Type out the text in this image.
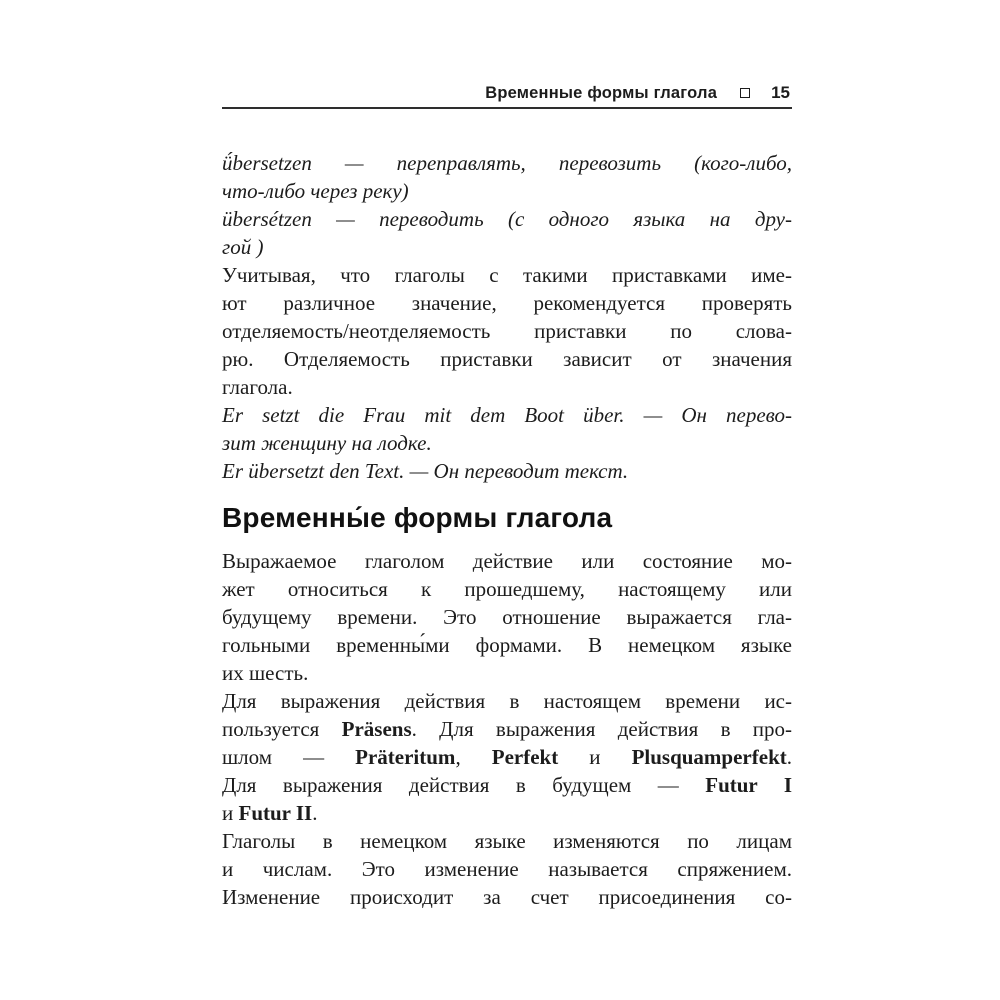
Временные формы глагола	15
ǘbersetzen — переправлять, перевозить (кого-либо,
что-либо через реку)
übersétzen — переводить (с одного языка на дру-
гой )
Учитывая, что глаголы с такими приставками име-
ют различное значение, рекомендуется проверять
отделяемость/неотделяемость приставки по слова-
рю. Отделяемость приставки зависит от значения
глагола.
Er setzt die Frau mit dem Boot über. — Он перево-
зит женщину на лодке.
Er übersetzt den Text. — Он переводит текст.
Временны́е формы глагола
Выражаемое глаголом действие или состояние мо-
жет относиться к прошедшему, настоящему или
будущему времени. Это отношение выражается гла-
гольными временны́ми формами. В немецком языке
их шесть.
Для выражения действия в настоящем времени ис-
пользуется Präsens. Для выражения действия в про-
шлом — Präteritum, Perfekt и Plusquamperfekt.
Для выражения действия в будущем — Futur I
и Futur II.
Глаголы в немецком языке изменяются по лицам
и числам. Это изменение называется спряжением.
Изменение происходит за счет присоединения со-
